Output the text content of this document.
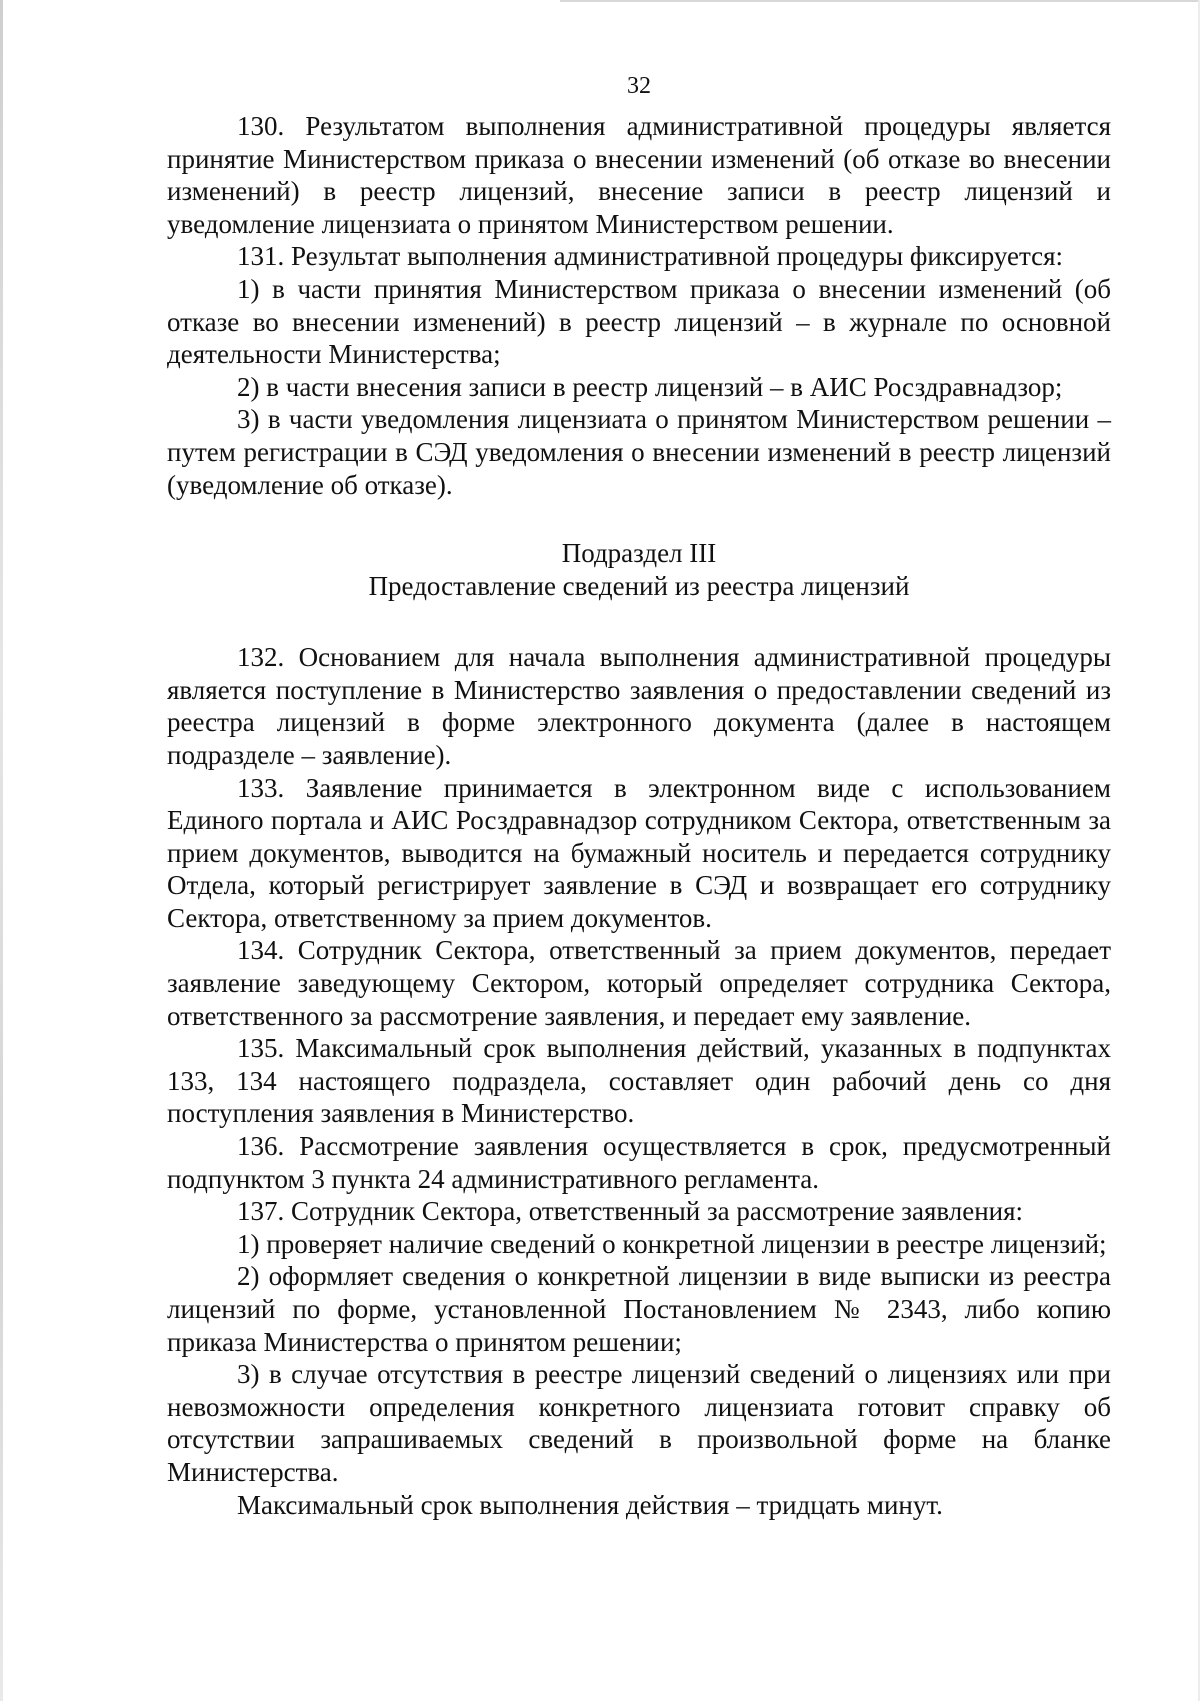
32

130. Результатом выполнения административной процедуры является принятие Министерством приказа о внесении изменений (об отказе во внесении изменений) в реестр лицензий, внесение записи в реестр лицензий и уведомление лицензиата о принятом Министерством решении.

131. Результат выполнения административной процедуры фиксируется:

1) в части принятия Министерством приказа о внесении изменений (об отказе во внесении изменений) в реестр лицензий – в журнале по основной деятельности Министерства;

2) в части внесения записи в реестр лицензий – в АИС Росздравнадзор;

3) в части уведомления лицензиата о принятом Министерством решении – путем регистрации в СЭД уведомления о внесении изменений в реестр лицензий (уведомление об отказе).

Подраздел III

Предоставление сведений из реестра лицензий

132. Основанием для начала выполнения административной процедуры является поступление в Министерство заявления о предоставлении сведений из реестра лицензий в форме электронного документа (далее в настоящем подразделе – заявление).

133. Заявление принимается в электронном виде с использованием Единого портала и АИС Росздравнадзор сотрудником Сектора, ответственным за прием документов, выводится на бумажный носитель и передается сотруднику Отдела, который регистрирует заявление в СЭД и возвращает его сотруднику Сектора, ответственному за прием документов.

134. Сотрудник Сектора, ответственный за прием документов, передает заявление заведующему Сектором, который определяет сотрудника Сектора, ответственного за рассмотрение заявления, и передает ему заявление.

135. Максимальный срок выполнения действий, указанных в подпунктах 133, 134 настоящего подраздела, составляет один рабочий день со дня поступления заявления в Министерство.

136. Рассмотрение заявления осуществляется в срок, предусмотренный подпунктом 3 пункта 24 административного регламента.

137. Сотрудник Сектора, ответственный за рассмотрение заявления:

1) проверяет наличие сведений о конкретной лицензии в реестре лицензий;

2) оформляет сведения о конкретной лицензии в виде выписки из реестра лицензий по форме, установленной Постановлением № 2343, либо копию приказа Министерства о принятом решении;

3) в случае отсутствия в реестре лицензий сведений о лицензиях или при невозможности определения конкретного лицензиата готовит справку об отсутствии запрашиваемых сведений в произвольной форме на бланке Министерства.

Максимальный срок выполнения действия – тридцать минут.
